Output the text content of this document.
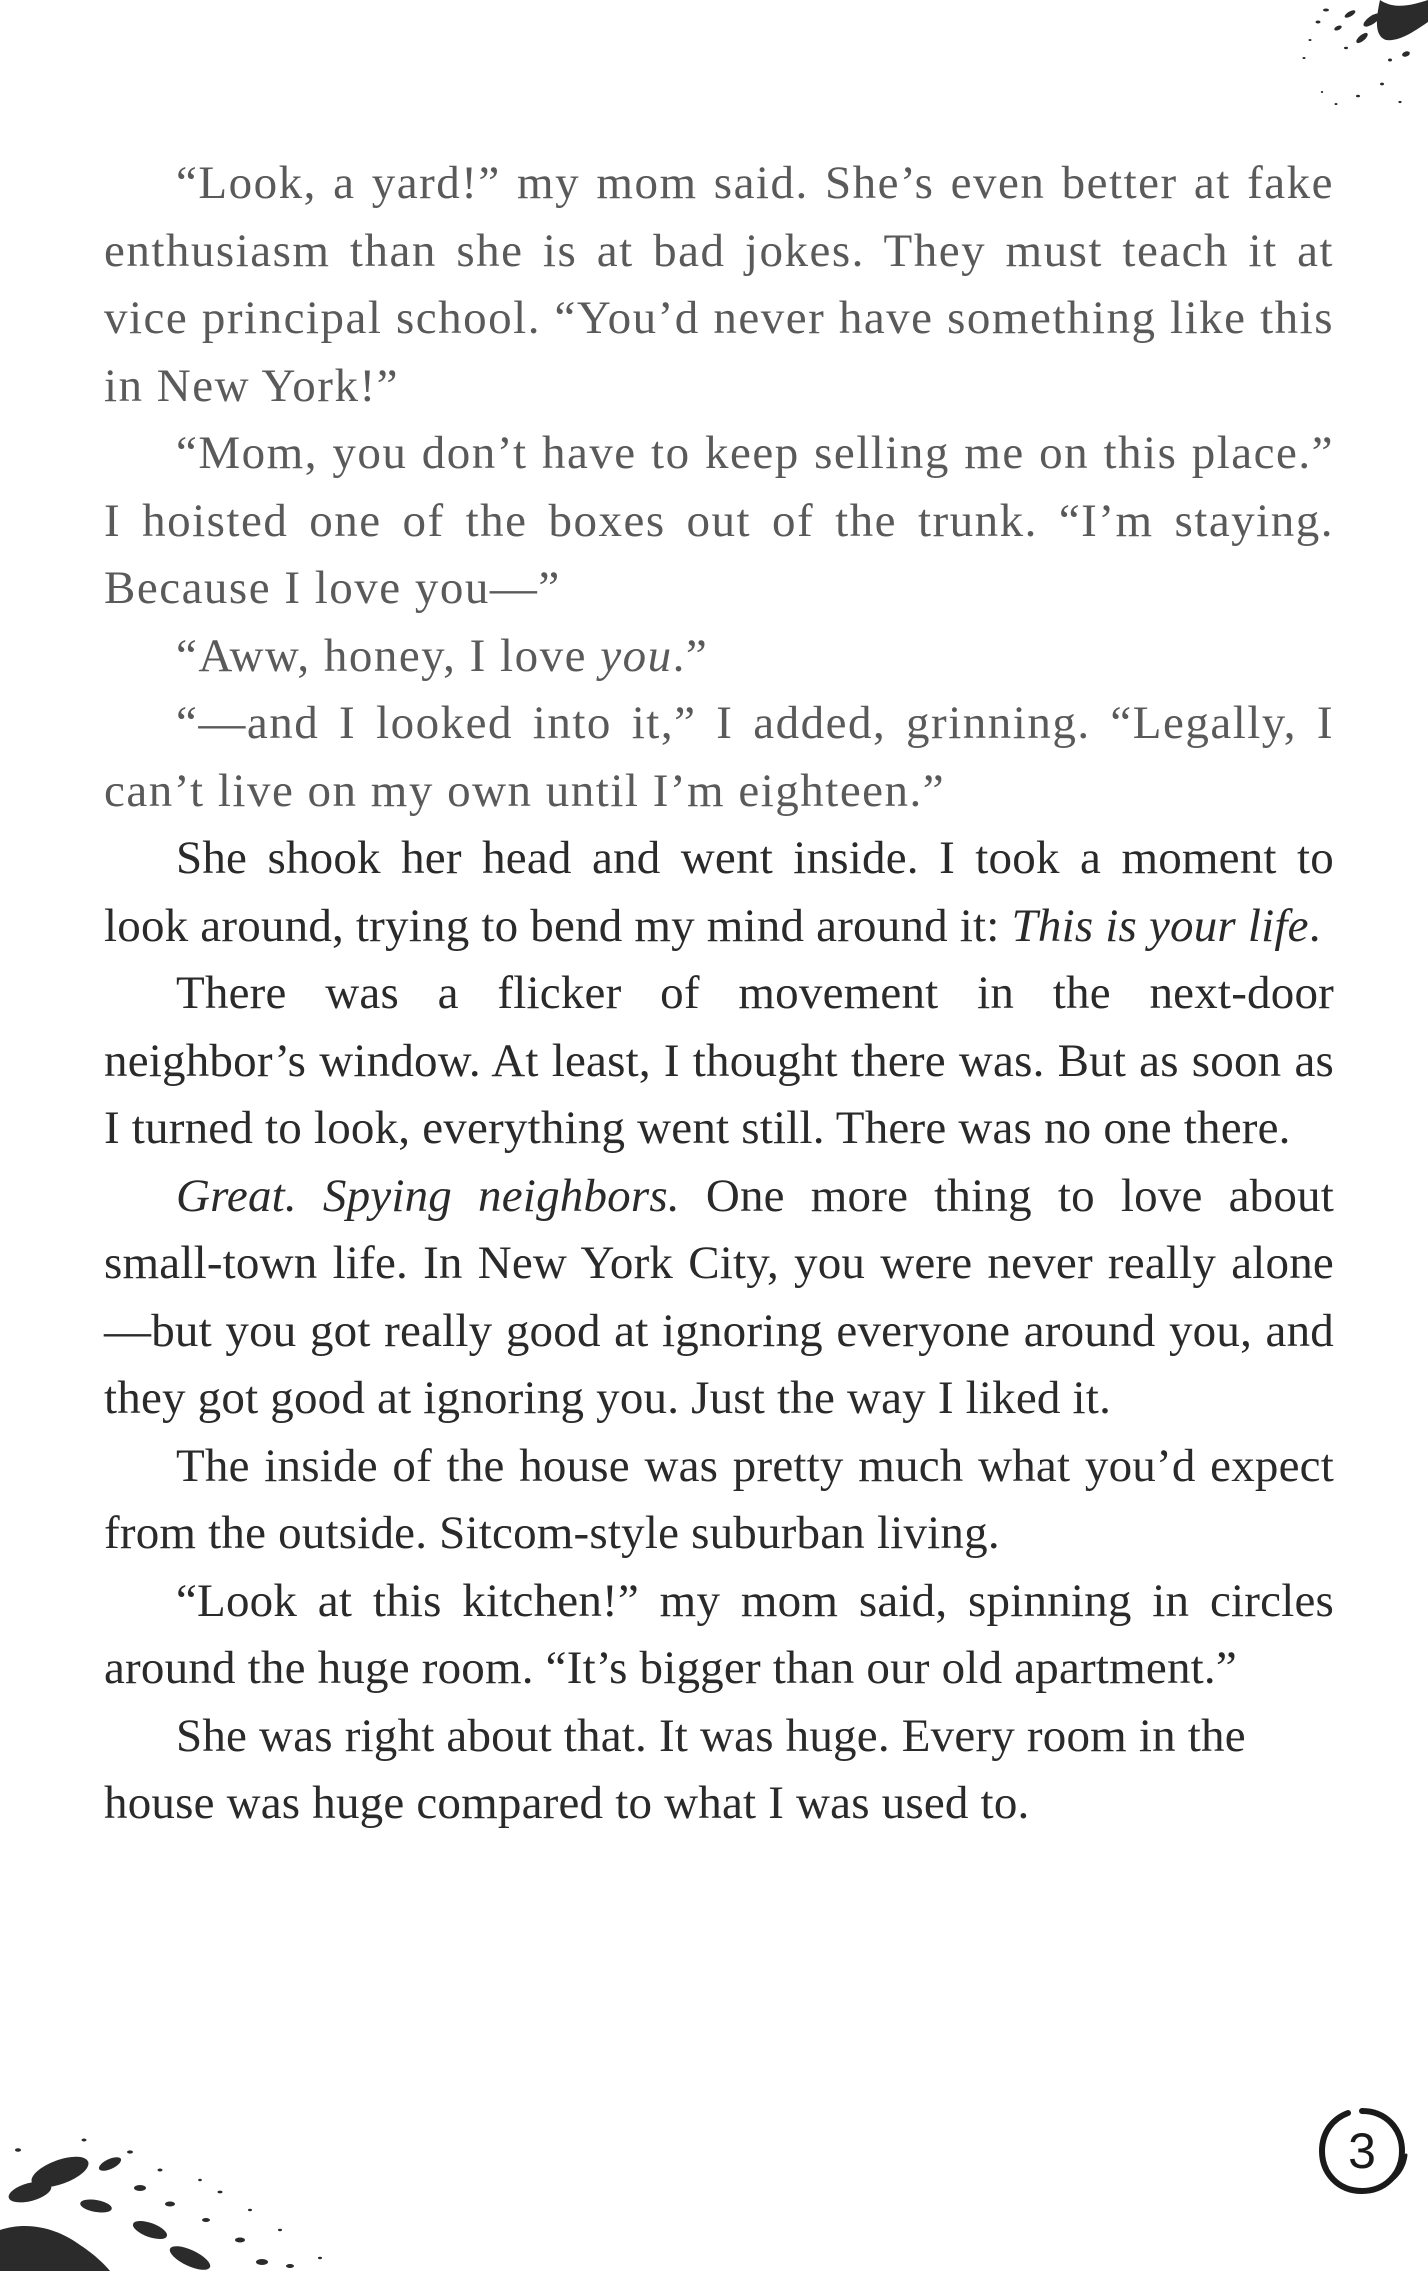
“Look, a yard!” my mom said. She’s even better at fake enthusiasm than she is at bad jokes. They must teach it at vice principal school. “You’d never have something like this in New York!”

“Mom, you don’t have to keep selling me on this place.” I hoisted one of the boxes out of the trunk. “I’m staying. Because I love you—”

“Aww, honey, I love you.”

“—and I looked into it,” I added, grinning. “Legally, I can’t live on my own until I’m eighteen.”

She shook her head and went inside. I took a moment to look around, trying to bend my mind around it: This is your life.

There was a flicker of movement in the next-door neighbor’s window. At least, I thought there was. But as soon as I turned to look, everything went still. There was no one there.

Great. Spying neighbors. One more thing to love about small-town life. In New York City, you were never really alone—but you got really good at ignoring everyone around you, and they got good at ignoring you. Just the way I liked it.

The inside of the house was pretty much what you’d expect from the outside. Sitcom-style suburban living.

“Look at this kitchen!” my mom said, spinning in circles around the huge room. “It’s bigger than our old apartment.”

She was right about that. It was huge. Every room in the house was huge compared to what I was used to.

3
